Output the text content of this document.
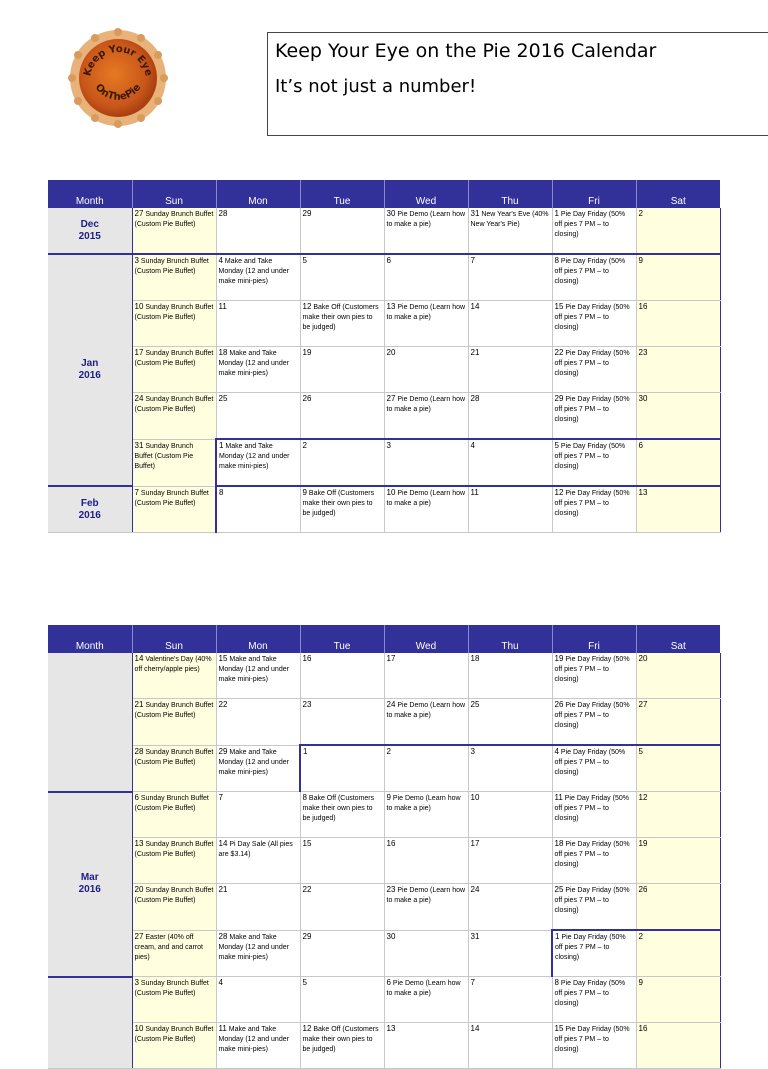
Keep Your Eye
OnThePie
Keep Your Eye on the Pie 2016 Calendar
It’s not just a number!
Month	Sun	Mon	Tue	Wed	Thu	Fri	Sat
Dec
2015	27 Sunday Brunch Buffet (Custom Pie Buffet)	28	29	30 Pie Demo (Learn how to make a pie)	31 New Year's Eve (40% New Year's Pie)	1 Pie Day Friday (50% off pies 7 PM – to closing)	2
Jan
2016	3 Sunday Brunch Buffet (Custom Pie Buffet)	4 Make and Take Monday (12 and under make mini-pies)	5	6	7	8 Pie Day Friday (50% off pies 7 PM – to closing)	9
	10 Sunday Brunch Buffet (Custom Pie Buffet)	11	12 Bake Off (Customers make their own pies to be judged)	13 Pie Demo (Learn how to make a pie)	14	15 Pie Day Friday (50% off pies 7 PM – to closing)	16
	17 Sunday Brunch Buffet (Custom Pie Buffet)	18 Make and Take Monday (12 and under make mini-pies)	19	20	21	22 Pie Day Friday (50% off pies 7 PM – to closing)	23
	24 Sunday Brunch Buffet (Custom Pie Buffet)	25	26	27 Pie Demo (Learn how to make a pie)	28	29 Pie Day Friday (50% off pies 7 PM – to closing)	30
	31 Sunday Brunch Buffet (Custom Pie Buffet)	1 Make and Take Monday (12 and under make mini-pies)	2	3	4	5 Pie Day Friday (50% off pies 7 PM – to closing)	6
Feb
2016	7 Sunday Brunch Buffet (Custom Pie Buffet)	8	9 Bake Off (Customers make their own pies to be judged)	10 Pie Demo (Learn how to make a pie)	11	12 Pie Day Friday (50% off pies 7 PM – to closing)	13
Month	Sun	Mon	Tue	Wed	Thu	Fri	Sat
	14 Valentine's Day (40% off cherry/apple pies)	15 Make and Take Monday (12 and under make mini-pies)	16	17	18	19 Pie Day Friday (50% off pies 7 PM – to closing)	20
	21 Sunday Brunch Buffet (Custom Pie Buffet)	22	23	24 Pie Demo (Learn how to make a pie)	25	26 Pie Day Friday (50% off pies 7 PM – to closing)	27
	28 Sunday Brunch Buffet (Custom Pie Buffet)	29 Make and Take Monday (12 and under make mini-pies)	1	2	3	4 Pie Day Friday (50% off pies 7 PM – to closing)	5
Mar
2016	6 Sunday Brunch Buffet (Custom Pie Buffet)	7	8 Bake Off (Customers make their own pies to be judged)	9 Pie Demo (Learn how to make a pie)	10	11 Pie Day Friday (50% off pies 7 PM – to closing)	12
	13 Sunday Brunch Buffet (Custom Pie Buffet)	14 Pi Day Sale (All pies are $3.14)	15	16	17	18 Pie Day Friday (50% off pies 7 PM – to closing)	19
	20 Sunday Brunch Buffet (Custom Pie Buffet)	21	22	23 Pie Demo (Learn how to make a pie)	24	25 Pie Day Friday (50% off pies 7 PM – to closing)	26
	27 Easter (40% off cream, and and carrot pies)	28 Make and Take Monday (12 and under make mini-pies)	29	30	31	1 Pie Day Friday (50% off pies 7 PM – to closing)	2
	3 Sunday Brunch Buffet (Custom Pie Buffet)	4	5	6 Pie Demo (Learn how to make a pie)	7	8 Pie Day Friday (50% off pies 7 PM – to closing)	9
	10 Sunday Brunch Buffet (Custom Pie Buffet)	11 Make and Take Monday (12 and under make mini-pies)	12 Bake Off (Customers make their own pies to be judged)	13	14	15 Pie Day Friday (50% off pies 7 PM – to closing)	16
